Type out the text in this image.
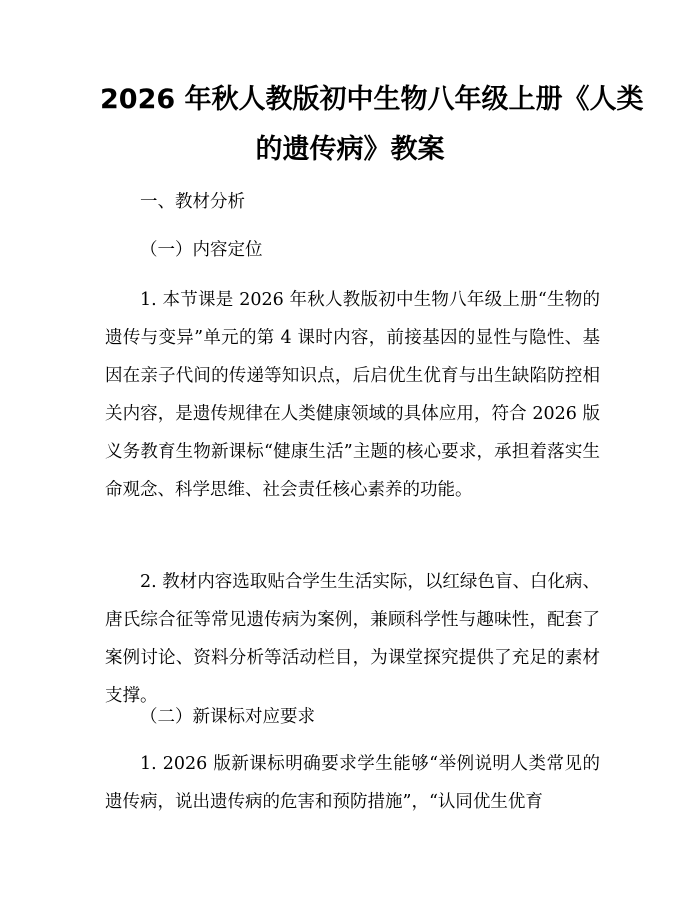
2026 年秋人教版初中生物八年级上册《人类
的遗传病》教案

一、教材分析

（一）内容定位

1. 本节课是 2026 年秋人教版初中生物八年级上册“生物的遗传与变异”单元的第 4 课时内容，前接基因的显性与隐性、基因在亲子代间的传递等知识点，后启优生优育与出生缺陷防控相关内容，是遗传规律在人类健康领域的具体应用，符合 2026 版义务教育生物新课标“健康生活”主题的核心要求，承担着落实生命观念、科学思维、社会责任核心素养的功能。

2. 教材内容选取贴合学生生活实际，以红绿色盲、白化病、唐氏综合征等常见遗传病为案例，兼顾科学性与趣味性，配套了案例讨论、资料分析等活动栏目，为课堂探究提供了充足的素材支撑。

（二）新课标对应要求

1. 2026 版新课标明确要求学生能够“举例说明人类常见的遗传病，说出遗传病的危害和预防措施”，“认同优生优育
